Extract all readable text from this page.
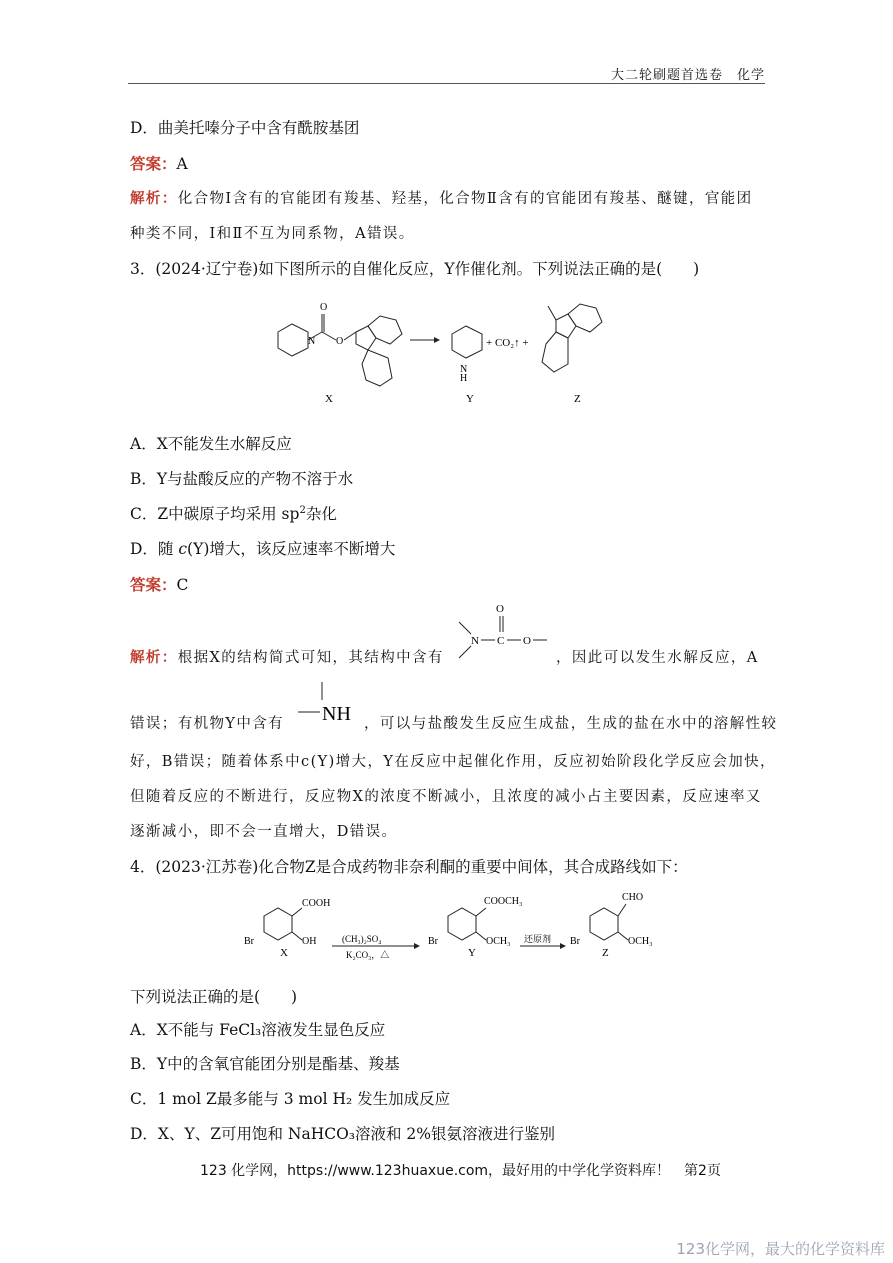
大二轮刷题首选卷　化学
D．曲美托嗪分子中含有酰胺基团
答案：A
解析：化合物Ⅰ含有的官能团有羧基、羟基，化合物Ⅱ含有的官能团有羧基、醚键，官能团
种类不同，Ⅰ和Ⅱ不互为同系物，A错误。
3．(2024·辽宁卷)如下图所示的自催化反应，Y作催化剂。下列说法正确的是(　　)
N
O
O
X
N
H
Y
+ CO₂↑ +
Z
A．X不能发生水解反应
B．Y与盐酸反应的产物不溶于水
C．Z中碳原子均采用 $sp^2$杂化
D．随 c(Y)增大，该反应速率不断增大
答案：C
O
N C O
解析：根据X的结构简式可知，其结构中含有	，因此可以发生水解反应，A
错误；有机物Y中含有 NH ，可以与盐酸发生反应生成盐，生成的盐在水中的溶解性较
好，B错误；随着体系中c(Y)增大，Y在反应中起催化作用，反应初始阶段化学反应会加快，
但随着反应的不断进行，反应物X的浓度不断减小，且浓度的减小占主要因素，反应速率又
逐渐减小，即不会一直增大，D错误。
4．(2023·江苏卷)化合物Z是合成药物非奈利酮的重要中间体，其合成路线如下：
COOH
OH
Br
X
(CH₃)₂SO₄
K₂CO₃，△
COOCH₃
OCH₃
Br
Y
还原剂
CHO
OCH₃
Br
Z
下列说法正确的是(　　)
A．X不能与 FeCl₃溶液发生显色反应
B．Y中的含氧官能团分别是酯基、羧基
C．1 mol Z最多能与 3 mol H₂ 发生加成反应
D．X、Y、Z可用饱和 NaHCO₃溶液和 2%银氨溶液进行鉴别
123 化学网，https://www.123huaxue.com，最好用的中学化学资料库！　第2页
123化学网，最大的化学资料库
